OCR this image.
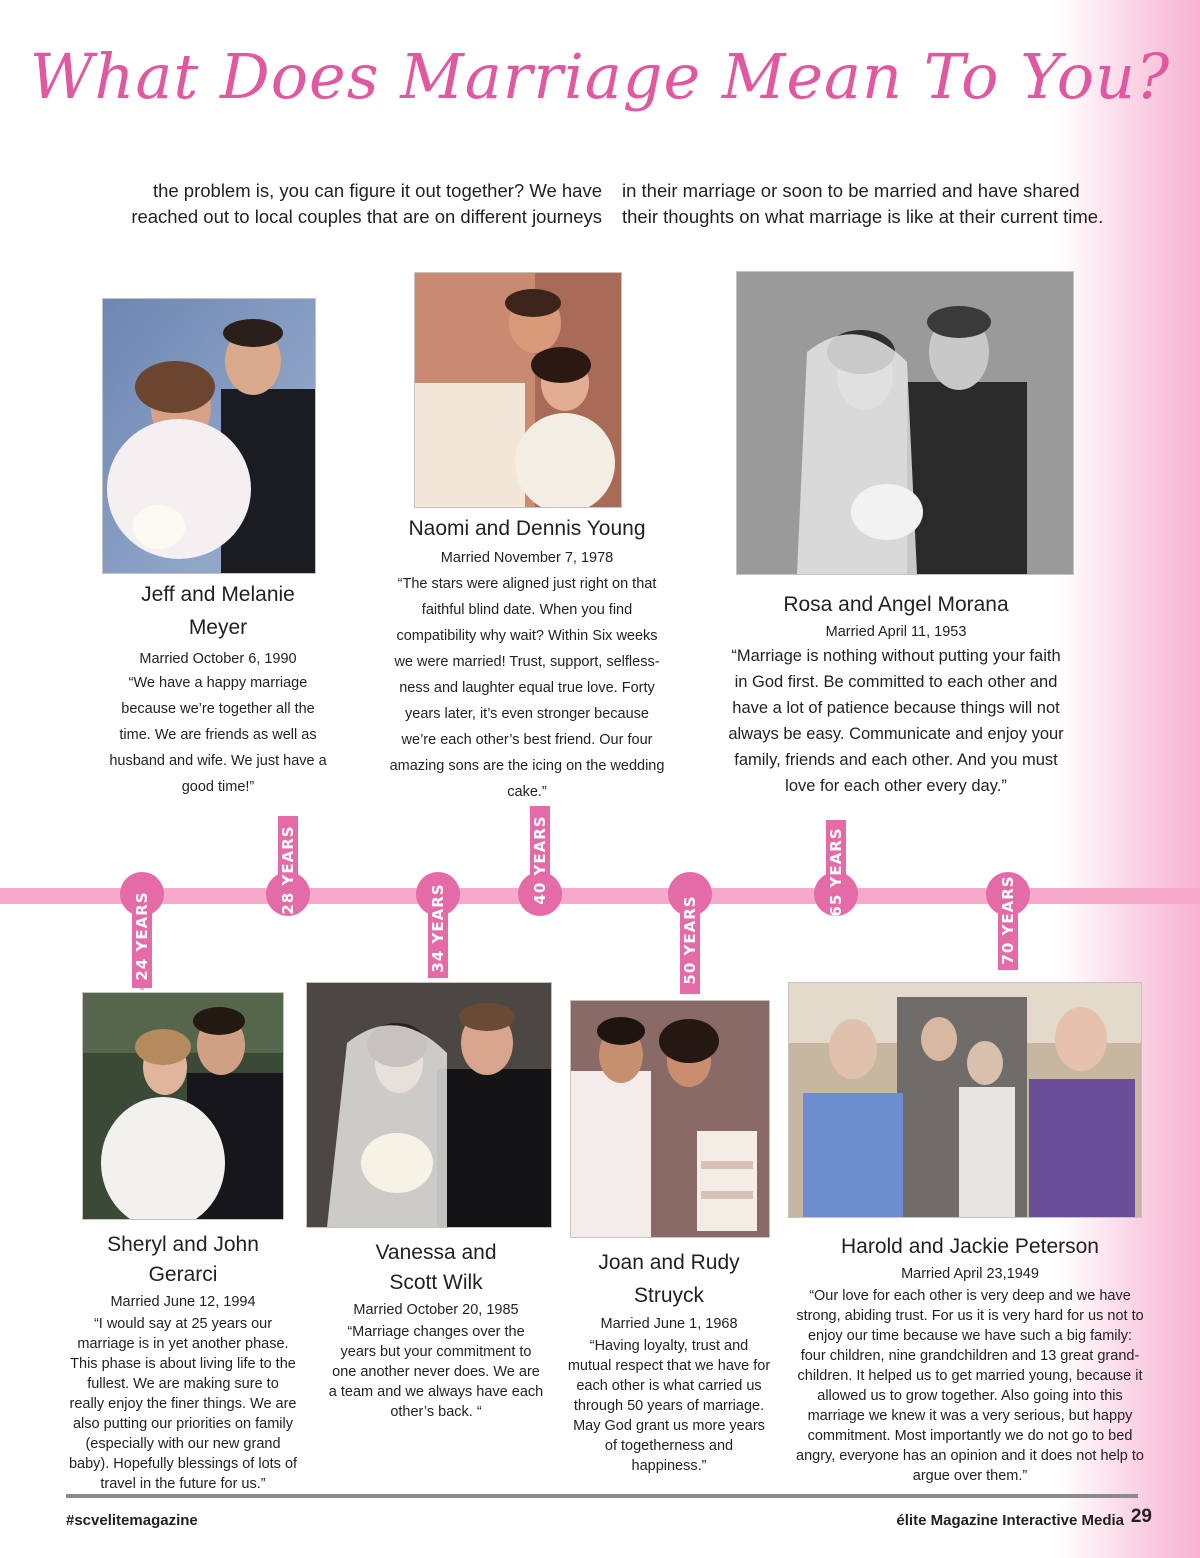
What Does Marriage Mean To You?
the problem is, you can figure it out together? We have reached out to local couples that are on different journeys
in their marriage or soon to be married and have shared their thoughts on what marriage is like at their current time.
Jeff and Melanie
Meyer
Married October 6, 1990
“We have a happy marriage because we’re together all the time. We are friends as well as husband and wife. We just have a good time!”
Naomi and Dennis Young
Married November 7, 1978
“The stars were aligned just right on that faithful blind date. When you find compatibility why wait? Within Six weeks we were married! Trust, support, selfless-ness and laughter equal true love. Forty years later, it’s even stronger because we’re each other’s best friend. Our four amazing sons are the icing on the wedding cake.”
Rosa and Angel Morana
Married April 11, 1953
“Marriage is nothing without putting your faith in God first. Be committed to each other and have a lot of patience because things will not always be easy. Communicate and enjoy your family, friends and each other. And you must love for each other every day.”
24 YEARS
28 YEARS
34 YEARS
40 YEARS
50 YEARS
65 YEARS
70 YEARS
Sheryl and John
Gerarci
Married June 12, 1994
“I would say at 25 years our marriage is in yet another phase. This phase is about living life to the fullest. We are making sure to really enjoy the finer things. We are also putting our priorities on family (especially with our new grand baby). Hopefully blessings of lots of travel in the future for us.”
Vanessa and
Scott Wilk
Married October 20, 1985
“Marriage changes over the years but your commitment to one another never does. We are a team and we always have each other’s back. “
Joan and Rudy
Struyck
Married June 1, 1968
“Having loyalty, trust and mutual respect that we have for each other is what carried us through 50 years of marriage. May God grant us more years of togetherness and happiness.”
Harold and Jackie Peterson
Married April 23,1949
“Our love for each other is very deep and we have strong, abiding trust. For us it is very hard for us not to enjoy our time because we have such a big family: four children, nine grandchildren and 13 great grand-children. It helped us to get married young, because it allowed us to grow together. Also going into this marriage we knew it was a very serious, but happy commitment. Most importantly we do not go to bed angry, everyone has an opinion and it does not help to argue over them.”
#scvelitemagazine	élite Magazine Interactive Media 29
